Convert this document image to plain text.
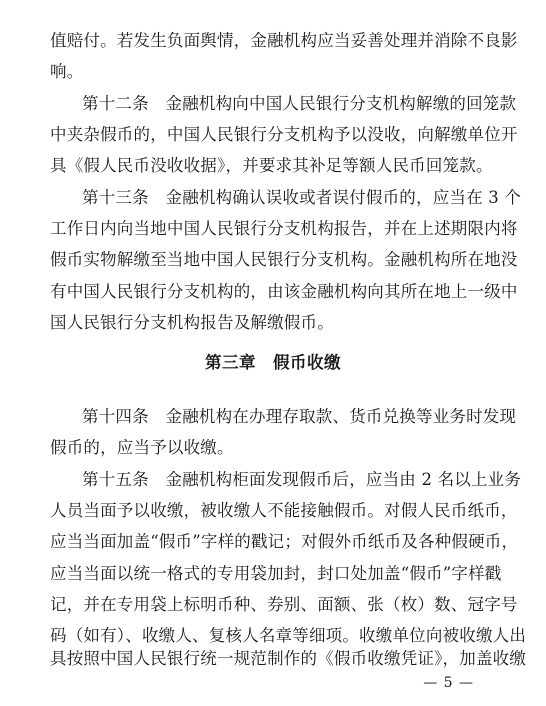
值赔付。若发生负面舆情，金融机构应当妥善处理并消除不良影
响。
第十二条　金融机构向中国人民银行分支机构解缴的回笼款
中夹杂假币的，中国人民银行分支机构予以没收，向解缴单位开
具《假人民币没收收据》，并要求其补足等额人民币回笼款。
第十三条　金融机构确认误收或者误付假币的，应当在 3 个
工作日内向当地中国人民银行分支机构报告，并在上述期限内将
假币实物解缴至当地中国人民银行分支机构。金融机构所在地没
有中国人民银行分支机构的，由该金融机构向其所在地上一级中
国人民银行分支机构报告及解缴假币。
第三章　假币收缴
第十四条　金融机构在办理存取款、货币兑换等业务时发现
假币的，应当予以收缴。
第十五条　金融机构柜面发现假币后，应当由 2 名以上业务
人员当面予以收缴，被收缴人不能接触假币。对假人民币纸币，
应当当面加盖“假币”字样的戳记；对假外币纸币及各种假硬币，
应当当面以统一格式的专用袋加封，封口处加盖“假币”字样戳
记，并在专用袋上标明币种、券别、面额、张（枚）数、冠字号
码（如有）、收缴人、复核人名章等细项。收缴单位向被收缴人出
具按照中国人民银行统一规范制作的《假币收缴凭证》，加盖收缴
— 5 —
